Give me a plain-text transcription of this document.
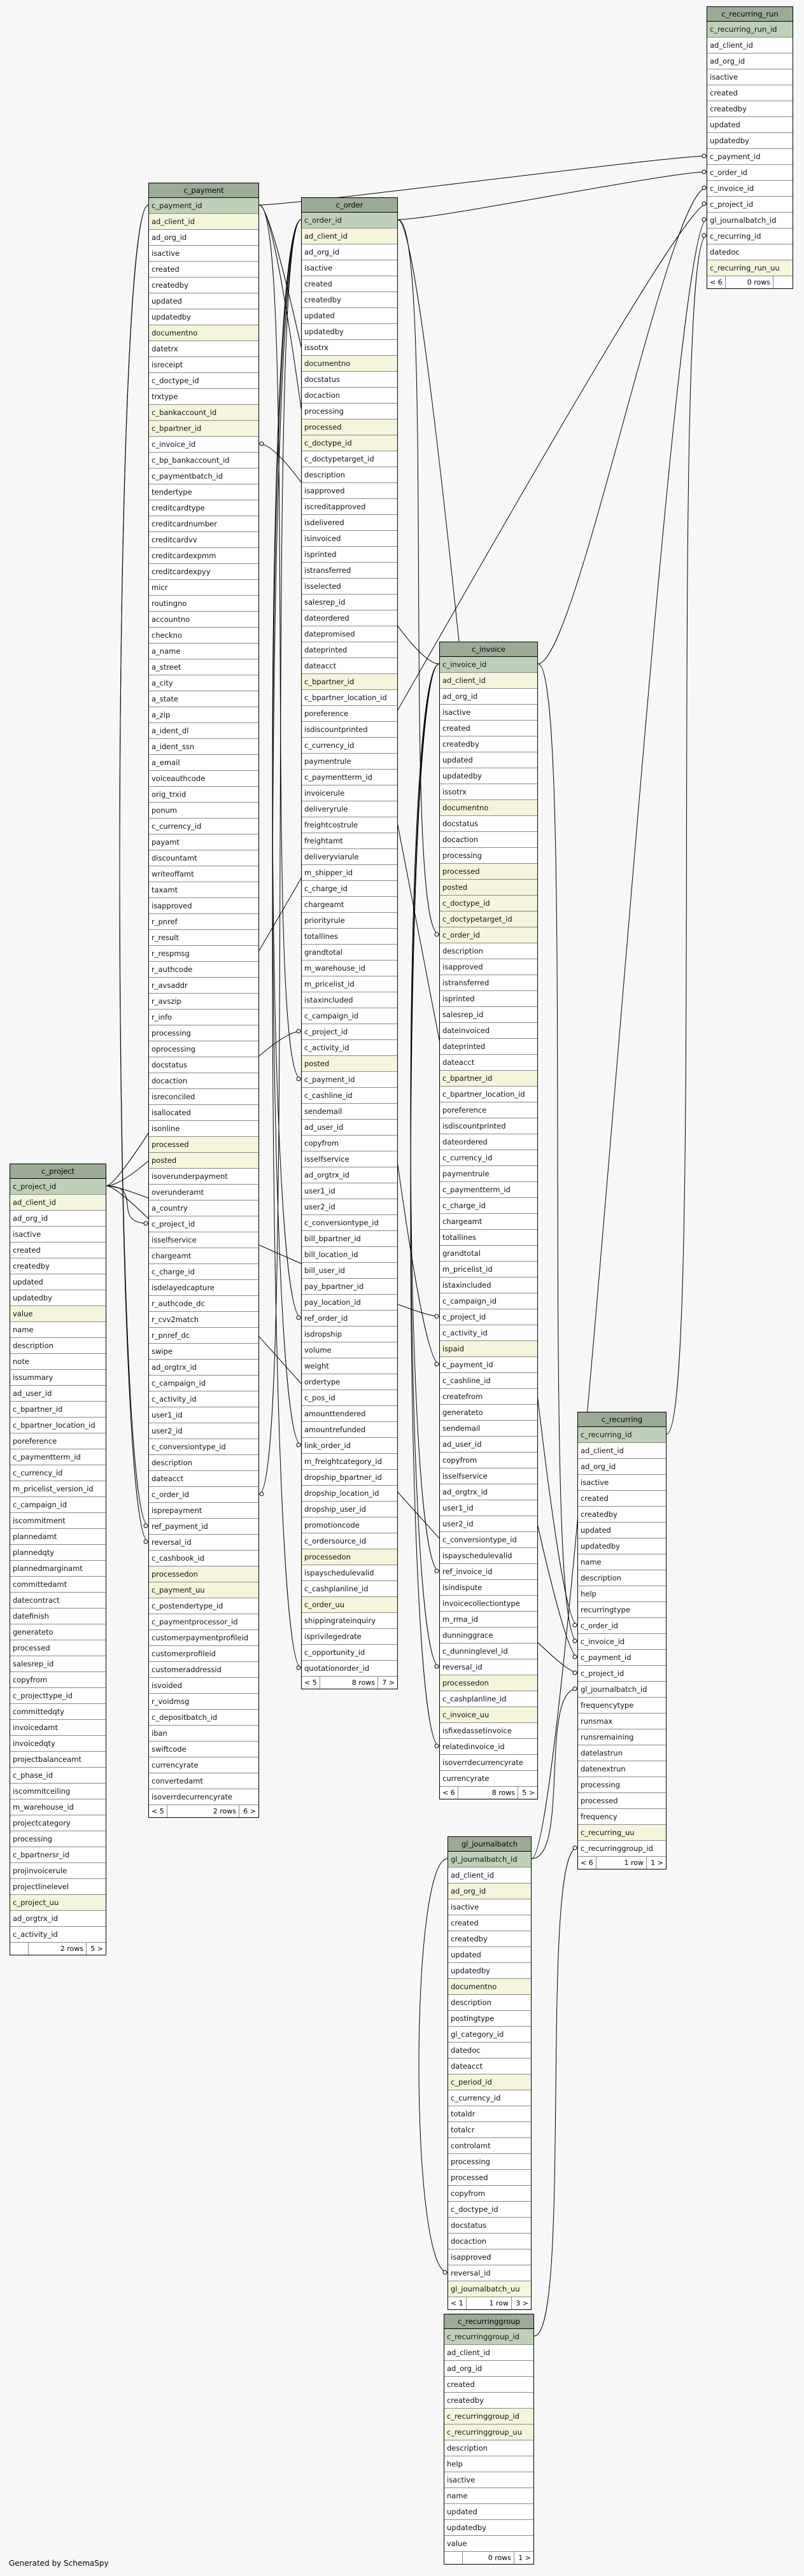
c_recurring_run
c_recurring_run_id
ad_client_id
ad_org_id
isactive
created
createdby
updated
updatedby
c_payment_id
c_order_id
c_invoice_id
c_project_id
gl_journalbatch_id
c_recurring_id
datedoc
c_recurring_run_uu
< 6	0 rows
c_payment
c_payment_id
ad_client_id
ad_org_id
isactive
created
createdby
updated
updatedby
documentno
datetrx
isreceipt
c_doctype_id
trxtype
c_bankaccount_id
c_bpartner_id
c_invoice_id
c_bp_bankaccount_id
c_paymentbatch_id
tendertype
creditcardtype
creditcardnumber
creditcardvv
creditcardexpmm
creditcardexpyy
micr
routingno
accountno
checkno
a_name
a_street
a_city
a_state
a_zip
a_ident_dl
a_ident_ssn
a_email
voiceauthcode
orig_trxid
ponum
c_currency_id
payamt
discountamt
writeoffamt
taxamt
isapproved
r_pnref
r_result
r_respmsg
r_authcode
r_avsaddr
r_avszip
r_info
processing
oprocessing
docstatus
docaction
isreconciled
isallocated
isonline
processed
posted
isoverunderpayment
overunderamt
a_country
c_project_id
isselfservice
chargeamt
c_charge_id
isdelayedcapture
r_authcode_dc
r_cvv2match
r_pnref_dc
swipe
ad_orgtrx_id
c_campaign_id
c_activity_id
user1_id
user2_id
c_conversiontype_id
description
dateacct
c_order_id
isprepayment
ref_payment_id
reversal_id
c_cashbook_id
processedon
c_payment_uu
c_postendertype_id
c_paymentprocessor_id
customerpaymentprofileid
customerprofileid
customeraddressid
isvoided
r_voidmsg
c_depositbatch_id
iban
swiftcode
currencyrate
convertedamt
isoverrdecurrencyrate
< 5	2 rows	6 >
c_order
c_order_id
ad_client_id
ad_org_id
isactive
created
createdby
updated
updatedby
issotrx
documentno
docstatus
docaction
processing
processed
c_doctype_id
c_doctypetarget_id
description
isapproved
iscreditapproved
isdelivered
isinvoiced
isprinted
istransferred
isselected
salesrep_id
dateordered
datepromised
dateprinted
dateacct
c_bpartner_id
c_bpartner_location_id
poreference
isdiscountprinted
c_currency_id
paymentrule
c_paymentterm_id
invoicerule
deliveryrule
freightcostrule
freightamt
deliveryviarule
m_shipper_id
c_charge_id
chargeamt
priorityrule
totallines
grandtotal
m_warehouse_id
m_pricelist_id
istaxincluded
c_campaign_id
c_project_id
c_activity_id
posted
c_payment_id
c_cashline_id
sendemail
ad_user_id
copyfrom
isselfservice
ad_orgtrx_id
user1_id
user2_id
c_conversiontype_id
bill_bpartner_id
bill_location_id
bill_user_id
pay_bpartner_id
pay_location_id
ref_order_id
isdropship
volume
weight
ordertype
c_pos_id
amounttendered
amountrefunded
link_order_id
m_freightcategory_id
dropship_bpartner_id
dropship_location_id
dropship_user_id
promotioncode
c_ordersource_id
processedon
ispayschedulevalid
c_cashplanline_id
c_order_uu
shippingrateinquiry
isprivileged​rate
c_opportunity_id
quotationorder_id
< 5	8 rows	7 >
c_invoice
c_invoice_id
ad_client_id
ad_org_id
isactive
created
createdby
updated
updatedby
issotrx
documentno
docstatus
docaction
processing
processed
posted
c_doctype_id
c_doctypetarget_id
c_order_id
description
isapproved
istransferred
isprinted
salesrep_id
dateinvoiced
dateprinted
dateacct
c_bpartner_id
c_bpartner_location_id
poreference
isdiscountprinted
dateordered
c_currency_id
paymentrule
c_paymentterm_id
c_charge_id
chargeamt
totallines
grandtotal
m_pricelist_id
istaxincluded
c_campaign_id
c_project_id
c_activity_id
ispaid
c_payment_id
c_cashline_id
createfrom
generateto
sendemail
ad_user_id
copyfrom
isselfservice
ad_orgtrx_id
user1_id
user2_id
c_conversiontype_id
ispayschedulevalid
ref_invoice_id
isindispute
invoicecollectiontype
m_rma_id
dunninggrace
c_dunninglevel_id
reversal_id
processedon
c_cashplanline_id
c_invoice_uu
isfixedassetinvoice
relatedinvoice_id
isoverrdecurrencyrate
currencyrate
< 6	8 rows	5 >
c_project
c_project_id
ad_client_id
ad_org_id
isactive
created
createdby
updated
updatedby
value
name
description
note
issummary
ad_user_id
c_bpartner_id
c_bpartner_location_id
poreference
c_paymentterm_id
c_currency_id
m_pricelist_version_id
c_campaign_id
iscommitment
plannedamt
plannedqty
plannedmarginamt
committedamt
datecontract
datefinish
generateto
processed
salesrep_id
copyfrom
c_projecttype_id
committedqty
invoicedamt
invoicedqty
projectbalanceamt
c_phase_id
iscommitceiling
m_warehouse_id
projectcategory
processing
c_bpartnersr_id
projinvoicerule
projectlinelevel
c_project_uu
ad_orgtrx_id
c_activity_id
2 rows	5 >
c_recurring
c_recurring_id
ad_client_id
ad_org_id
isactive
created
createdby
updated
updatedby
name
description
help
recurringtype
c_order_id
c_invoice_id
c_payment_id
c_project_id
gl_journalbatch_id
frequencytype
runsmax
runsremaining
datelastrun
datenextrun
processing
processed
frequency
c_recurring_uu
c_recurringgroup_id
< 6	1 row	1 >
gl_journalbatch
gl_journalbatch_id
ad_client_id
ad_org_id
isactive
created
createdby
updated
updatedby
documentno
description
postingtype
gl_category_id
datedoc
dateacct
c_period_id
c_currency_id
totaldr
totalcr
controlamt
processing
processed
copyfrom
c_doctype_id
docstatus
docaction
isapproved
reversal_id
gl_journalbatch_uu
< 1	1 row	3 >
c_recurringgroup
c_recurringgroup_id
ad_client_id
ad_org_id
created
createdby
c_recurringgroup_id
c_recurringgroup_uu
description
help
isactive
name
updated
updatedby
value
0 rows	1 >
Generated by SchemaSpy
